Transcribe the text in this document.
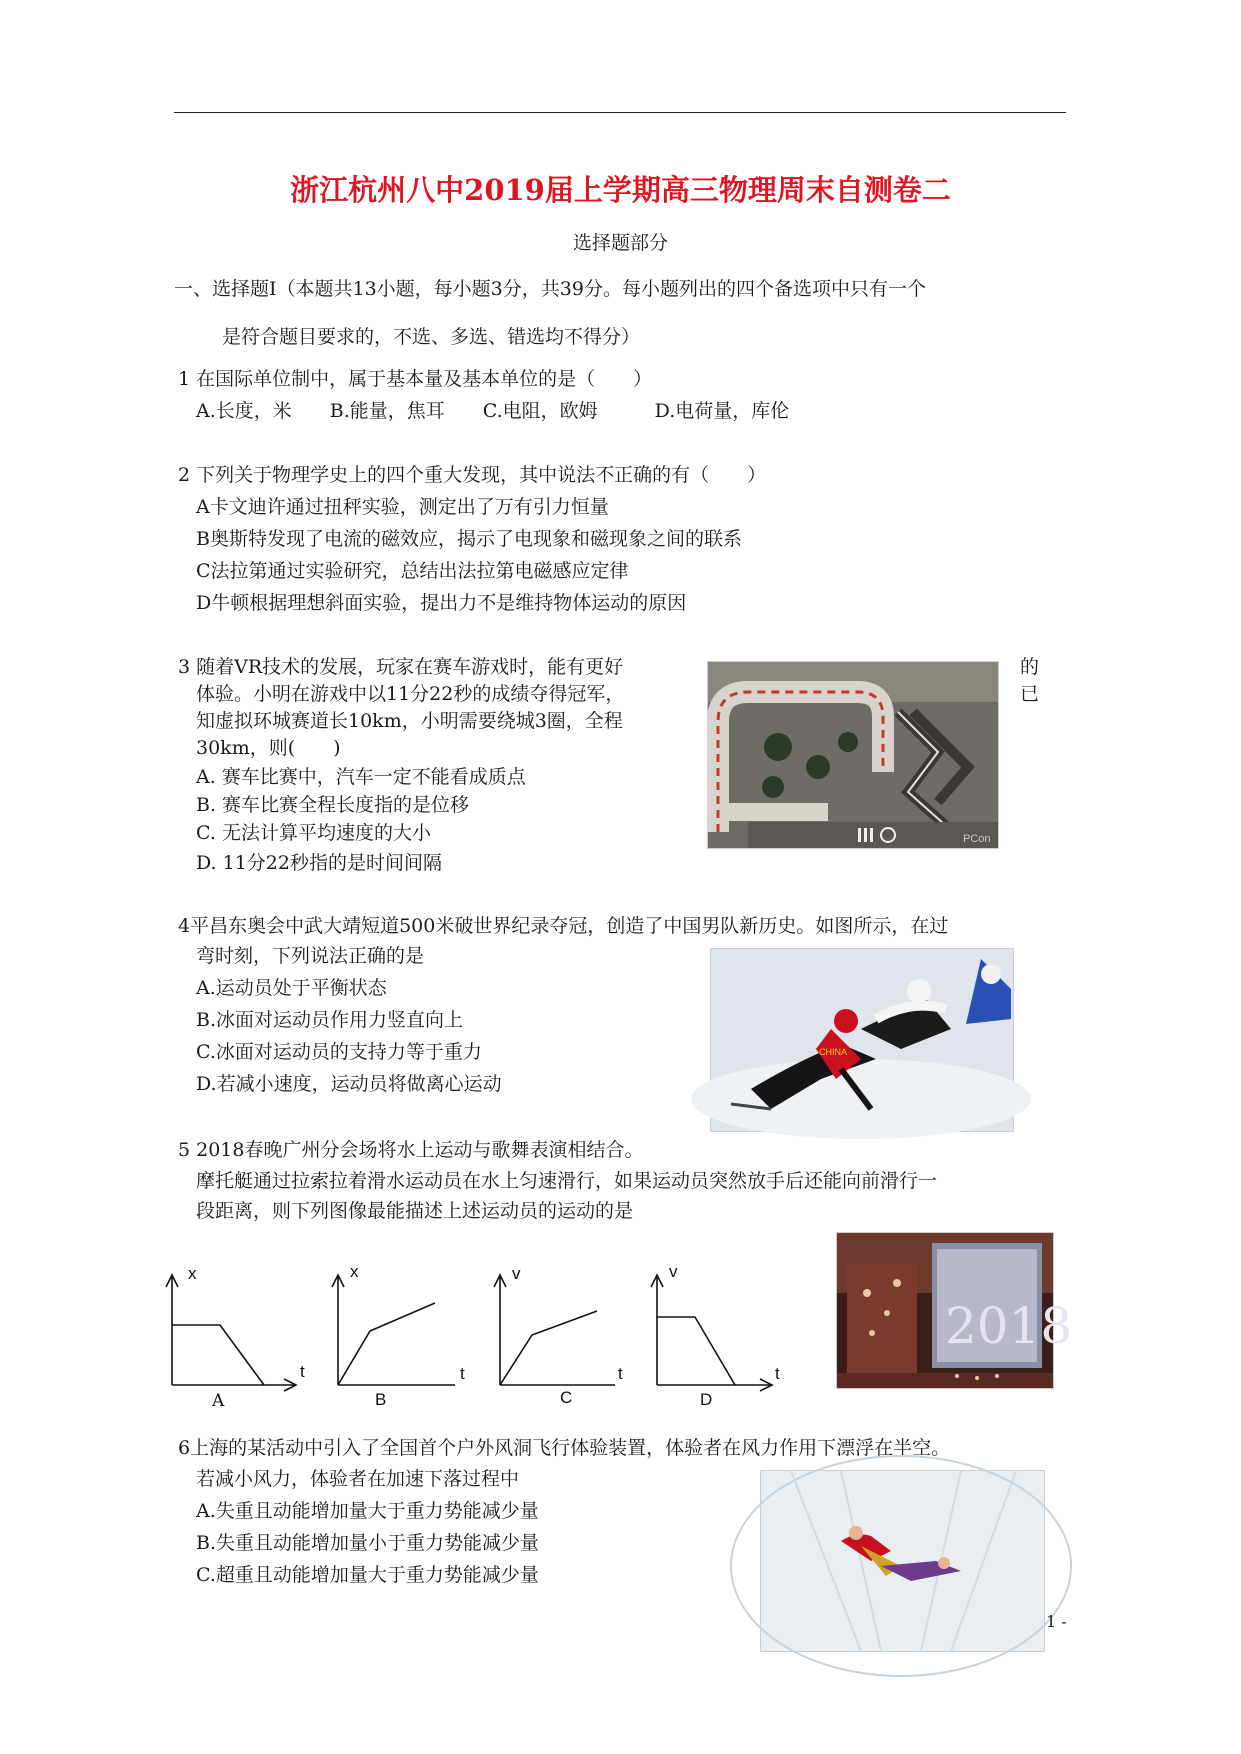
浙江杭州八中2019届上学期高三物理周末自测卷二
选择题部分
一、选择题Ⅰ（本题共13小题，每小题3分，共39分。每小题列出的四个备选项中只有一个
是符合题目要求的，不选、多选、错选均不得分）
1 在国际单位制中，属于基本量及基本单位的是（　　）
A.长度，米　　B.能量，焦耳　　C.电阻，欧姆　　　D.电荷量，库伦
2 下列关于物理学史上的四个重大发现，其中说法不正确的有（　　）
A卡文迪许通过扭秤实验，测定出了万有引力恒量
B奥斯特发现了电流的磁效应，揭示了电现象和磁现象之间的联系
C法拉第通过实验研究，总结出法拉第电磁感应定律
D牛顿根据理想斜面实验，提出力不是维持物体运动的原因
3 随着VR技术的发展，玩家在赛车游戏时，能有更好	的
体验。小明在游戏中以11分22秒的成绩夺得冠军，	已
知虚拟环城赛道长10km，小明需要绕城3圈，全程
30km，则(　　)
A. 赛车比赛中，汽车一定不能看成质点
B. 赛车比赛全程长度指的是位移
C. 无法计算平均速度的大小
D. 11分22秒指的是时间间隔
PCon
4平昌东奥会中武大靖短道500米破世界纪录夺冠，创造了中国男队新历史。如图所示，在过
弯时刻，下列说法正确的是
A.运动员处于平衡状态
B.冰面对运动员作用力竖直向上
C.冰面对运动员的支持力等于重力
D.若减小速度，运动员将做离心运动
CHINA
5 2018春晚广州分会场将水上运动与歌舞表演相结合。
摩托艇通过拉索拉着滑水运动员在水上匀速滑行，如果运动员突然放手后还能向前滑行一
段距离，则下列图像最能描述上述运动员的运动的是
x
t
A
x
t
B
v
t
C
v
t
D
2018
6上海的某活动中引入了全国首个户外风洞飞行体验装置，体验者在风力作用下漂浮在半空。
若减小风力，体验者在加速下落过程中
A.失重且动能增加量大于重力势能减少量
B.失重且动能增加量小于重力势能减少量
C.超重且动能增加量大于重力势能减少量
1 -
